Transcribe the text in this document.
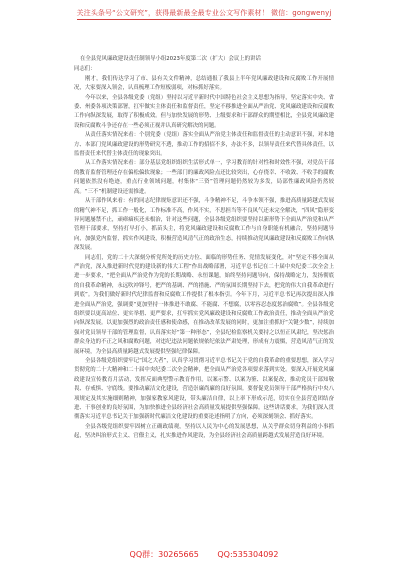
关注头条号“公文研究”，获得最新最全最专业公文写作素材！ 微信：gongwenyj
在全县党风廉政建设责任制领导小组2023年度第二次（扩大）会议上的讲话
同志们：

刚才，我们传达学习了市、县有关文件精神，总结通报了我县上半年党风廉政建设和反腐败工作开展情况，大家要深入领会，认真梳理工作短板弱项，对标抓好落实。

今年以来，全县各级党委（党组）坚持以习近平新时代中国特色社会主义思想为指导，坚定落实中央、省委、州委各项决策部署，扛牢做实主体责任和监督责任，坚定不移推进全面从严治党、党风廉政建设和反腐败工作向纵深发展，取得了积极成效。但与加快发展的形势、上级要求和干部群众的期望相比，全县党风廉政建设和反腐败斗争还存在一些必须正视并认真研究解决的问题。

从责任落实情况来看：个别党委（党组）落实全面从严治党主体责任和监督责任的主动意识不强，对本地方、本部门党风廉政建设的形势研究不透，推动工作的招招不多，办法不多，以领导责任来代替具体责任，以监督责任来代替主体责任的现象突出。

从工作落实情况来看：部分基层党组织组织生活形式单一，学习教育的针对性和时效性不强，对党员干部的教育监督管理还存在偏松偏软现象；一些部门的廉政风险点还比较突出，心存侥幸、不收敛、不收手的腐败问题依然没有绝迹，重点行业领域问题，村集体“三资”管理问题仍然较为多发，局部性廉政风险仍然较高。“三不”机制建设还需推进。

从干部作风来看：有的同志纪律规矩意识还不强，斗争精神不足，斗争本领不强，推进高质量跨越式发展的精气神不足，抓工作一般化，工作标准不高，作风不实，不思担当等不良风气还未完全解决，“四风”隐形变异问题屡禁不止，顽瘴痼疾还未根治，针对这些问题，全县各级党组织要坚持以新形势下全面从严治党和从严管理干部要求，坚持打早打小，抓苗头主，将党风廉政建设和反腐败工作与自身职能有机融合，坚持问题导向，加强党内监督，抓实作风建设，积极营造风清气正的政治生态，持续推动党风廉政建设和反腐败工作向纵深发展。

同志们，党的二十大深刻分析党所处的历史方位、面临的形势任务、党情发展变化，对“坚定不移全面从严治党，深入推进新时代党的建设新的伟大工程”作出战略部署，习近平总书记在二十届中央纪委二次全会上进一步要求，“把全面从严治党作为党的长期战略、永恒课题，始终坚持问题导向，保持战略定力，发扬彻底的自我革命精神，永远吹冲锋号，把严的基调、严的措施、严的氛围长期坚持下去，把党的伟大自我革命进行到底”。为我们做好新时代纪律监督和反腐败工作提供了根本指引。今年下月，习近平总书记再次提出深入推进全面从严治党，强调要“更加坚持一体推进不敢腐、不能腐、不想腐，以零容忍态度惩治腐败”。全县各级党组织要以更高站位、更实举措、更严要求，扛牢抓实党风廉政建设和反腐败工作政治责任，推动全面从严治党向纵深发展。以更加强烈的政治责任感和使命感，在推动改革发展的同时，更加注重抓好“关键少数”，持续加强对党员领导干部的管理监督，认真落实好“第一种形态”，全县纪检监察机关要持之以恒正风肃纪，坚决惩治群众身边的不正之风和腐败问题，对违纪违法问题依规依纪依法严肃处理，形成有力震慑，营造风清气正的发展环境，为全县高质量跨越式发展提供坚强纪律保障。

全县各级党组织要牢记“国之大者”，认真学习贯彻习近平总书记关于党的自我革命的重要思想，深入学习贯彻党的二十大精神和二十届中央纪委二次全会精神，把全面从严治党各项要求落到实处。要深入开展党风廉政建设宣传教育月活动，发挥反面典型警示教育作用，以案示警、以案为鉴、以案促改，推动党员干部知敬畏、存戒惧、守底线。要推动廉洁文化建设，营造崇廉尚廉的良好氛围。要督促党员领导干部严格执行中央八项规定及其实施细则精神，加强家教家风建设，带头廉洁自律，以上率下形成示范，切实在全县营造团结奋进、干事创业的良好氛围，为加快推进全县经济社会高质量发展提供坚强保障。这些讲话要求，为我们深入贯彻落实习近平总书记关于加强新时代廉洁文化建设的重要论述指明了方向，必须深刻领会、抓好落实。

全县各级党组织要牢固树立正确政绩观，坚持以人民为中心的发展思想，从关乎群众切身利益的小事抓起，坚决纠治形式主义、官僚主义，扎实推进作风建设，为全县经济社会高质量跨越式发展营造良好环境。

QQ群：30265665 QQ:535304092
